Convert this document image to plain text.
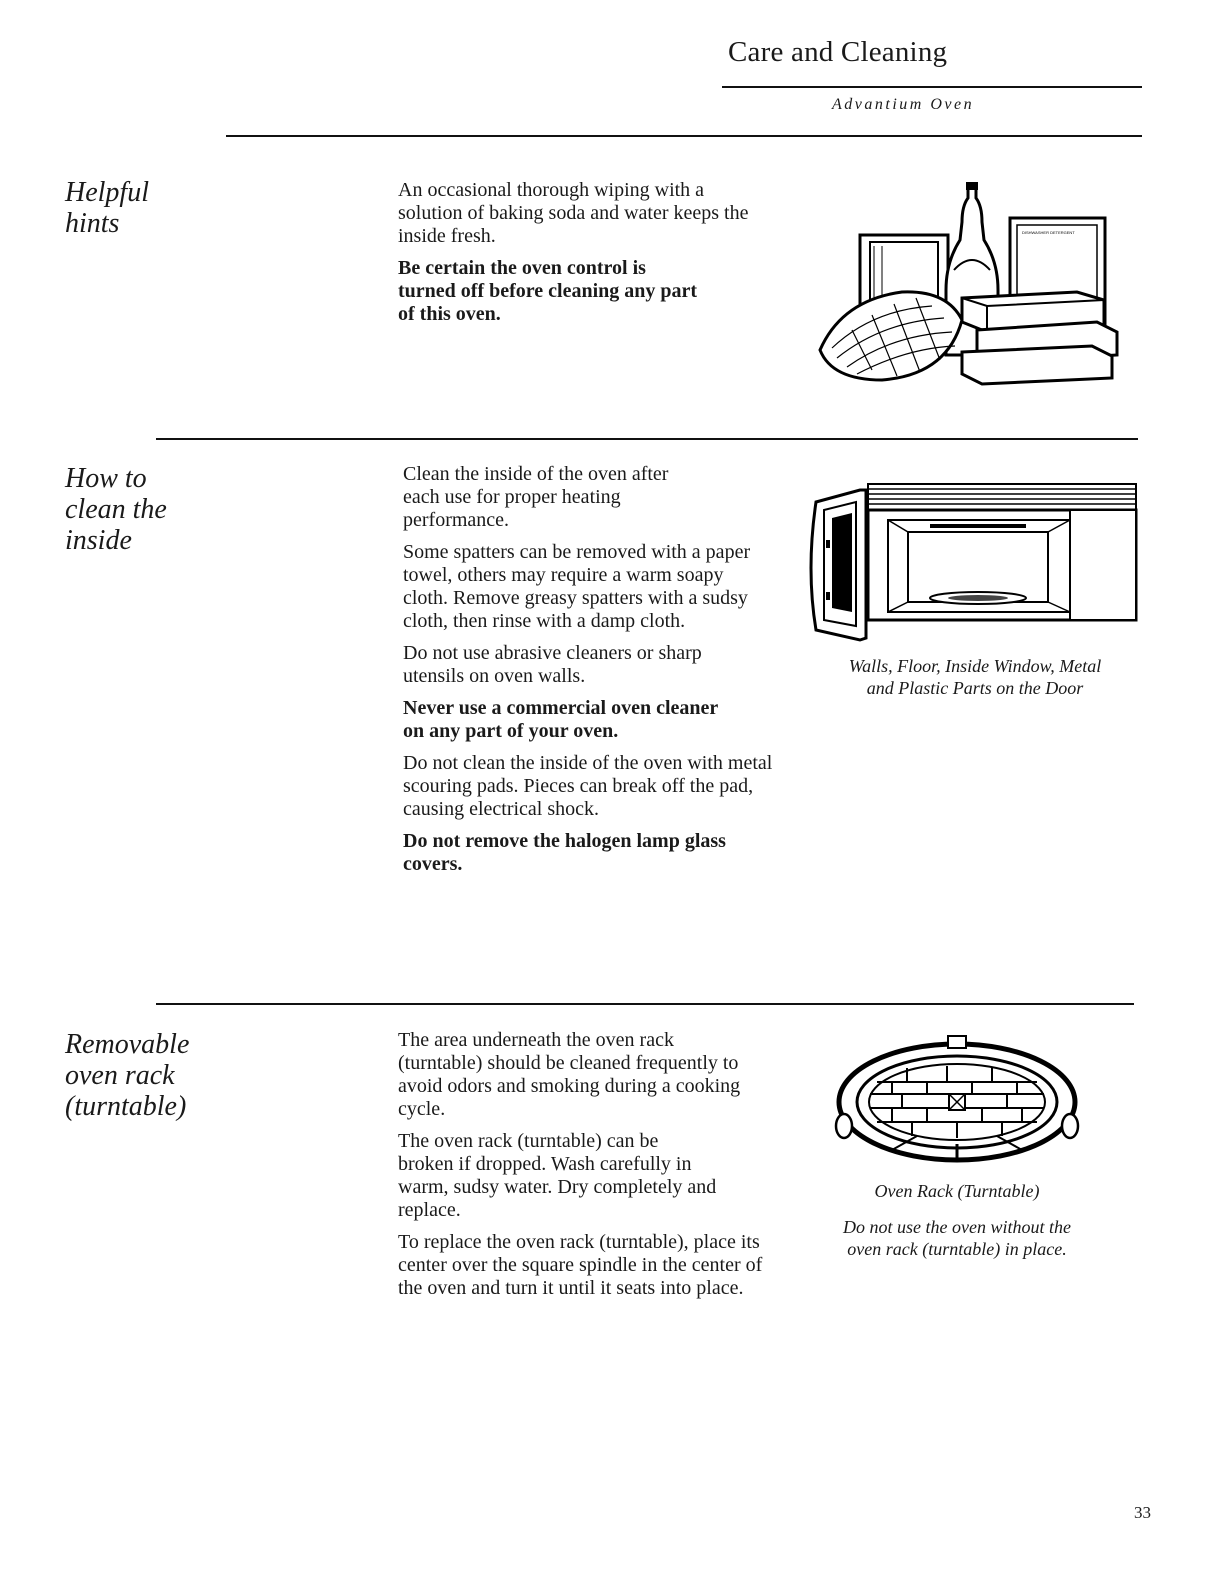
Care and Cleaning
Advantium Oven
Helpful
hints

An occasional thorough wiping with a solution of baking soda and water keeps the inside fresh.

Be certain the oven control is turned off before cleaning any part of this oven.

DISHWASHER DETERGENT
How to
clean the
inside

Clean the inside of the oven after each use for proper heating performance.

Some spatters can be removed with a paper towel, others may require a warm soapy cloth. Remove greasy spatters with a sudsy cloth, then rinse with a damp cloth.

Do not use abrasive cleaners or sharp utensils on oven walls.

Never use a commercial oven cleaner on any part of your oven.

Do not clean the inside of the oven with metal scouring pads. Pieces can break off the pad, causing electrical shock.

Do not remove the halogen lamp glass covers.

Walls, Floor, Inside Window, Metal
and Plastic Parts on the Door
Removable
oven rack
(turntable)

The area underneath the oven rack (turntable) should be cleaned frequently to avoid odors and smoking during a cooking cycle.

The oven rack (turntable) can be broken if dropped. Wash carefully in warm, sudsy water. Dry completely and replace.

To replace the oven rack (turntable), place its center over the square spindle in the center of the oven and turn it until it seats into place.

Oven Rack (Turntable)
Do not use the oven without the
oven rack (turntable) in place.
33
